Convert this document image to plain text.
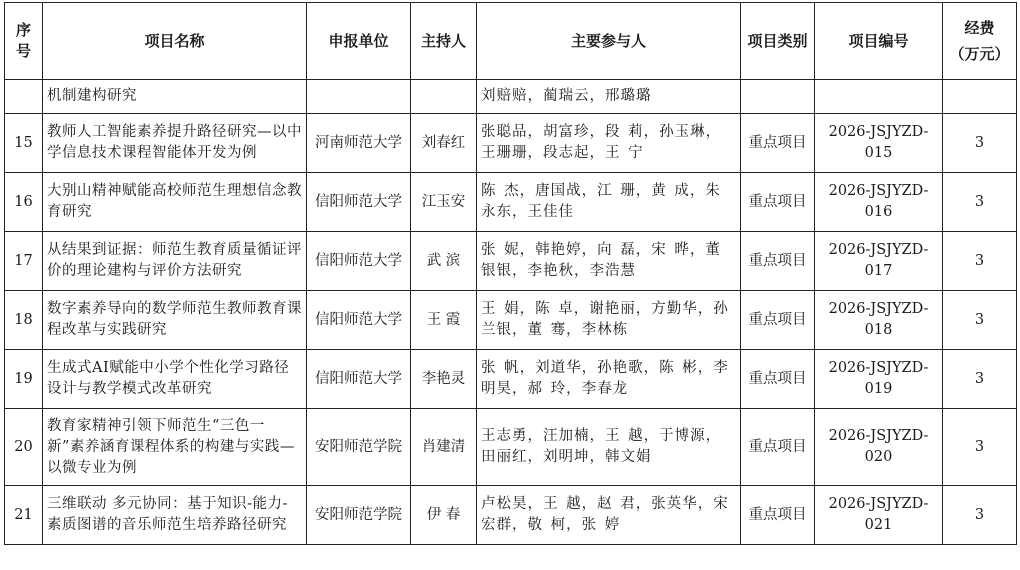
序号	项目名称	申报单位	主持人	主要参与人	项目类别	项目编号	经费
（万元）

	机制建构研究			刘赔赔，蔺瑞云，邢璐璐			
15	教师人工智能素养提升路径研究—以中学信息技术课程智能体开发为例	河南师范大学	刘春红	张聪品，胡富珍，段 莉，孙玉琳，王珊珊，段志起，王 宁	重点项目	2026-JSJYZD-015	3
16	大别山精神赋能高校师范生理想信念教育研究	信阳师范大学	江玉安	陈 杰，唐国战，江 珊，黄 成，朱永东，王佳佳	重点项目	2026-JSJYZD-016	3
17	从结果到证据：师范生教育质量循证评价的理论建构与评价方法研究	信阳师范大学	武 滨	张 妮，韩艳婷，向 磊，宋 晔，董银银，李艳秋，李浩慧	重点项目	2026-JSJYZD-017	3
18	数字素养导向的数学师范生教师教育课程改革与实践研究	信阳师范大学	王 霞	王 娟，陈 卓，谢艳丽，方勤华，孙兰银，董 骞，李林栋	重点项目	2026-JSJYZD-018	3
19	生成式AI赋能中小学个性化学习路径设计与教学模式改革研究	信阳师范大学	李艳灵	张 帆，刘道华，孙艳歌，陈 彬，李明昊，郝 玲，李春龙	重点项目	2026-JSJYZD-019	3
20	教育家精神引领下师范生“三色一新”素养涵育课程体系的构建与实践—以微专业为例	安阳师范学院	肖建清	王志勇，汪加楠，王 越，于博源，田丽红，刘明坤，韩文娟	重点项目	2026-JSJYZD-020	3
21	三维联动 多元协同：基于知识-能力-素质图谱的音乐师范生培养路径研究	安阳师范学院	伊 春	卢松昊，王 越，赵 君，张英华，宋宏群，敬 柯，张 婷	重点项目	2026-JSJYZD-021	3
